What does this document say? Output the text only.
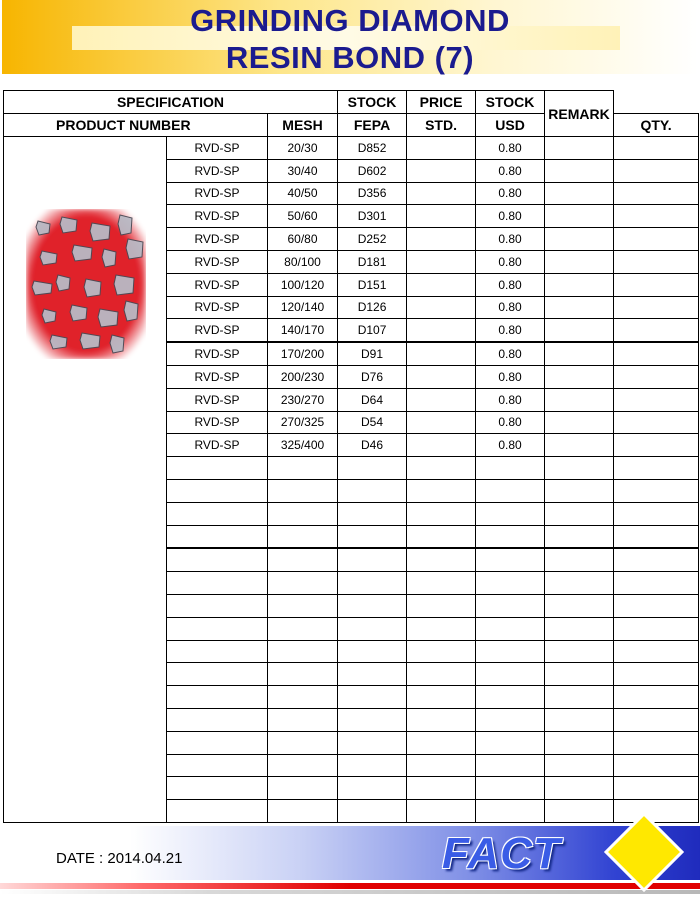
GRINDING DIAMOND
RESIN BOND (7)
SPECIFICATION			STOCK	PRICE	STOCK	REMARK	
PRODUCT NUMBER		MESH	FEPA	STD.	USD		QTY.

	RVD-SP	20/30	D852		0.80		
	RVD-SP	30/40	D602		0.80		
	RVD-SP	40/50	D356		0.80		
	RVD-SP	50/60	D301		0.80		
	RVD-SP	60/80	D252		0.80		
	RVD-SP	80/100	D181		0.80		
	RVD-SP	100/120	D151		0.80		
	RVD-SP	120/140	D126		0.80		
	RVD-SP	140/170	D107		0.80		
	RVD-SP	170/200	D91		0.80		
	RVD-SP	200/230	D76		0.80		
	RVD-SP	230/270	D64		0.80		
	RVD-SP	270/325	D54		0.80		
	RVD-SP	325/400	D46		0.80		

DATE : 2014.04.21	FACT
